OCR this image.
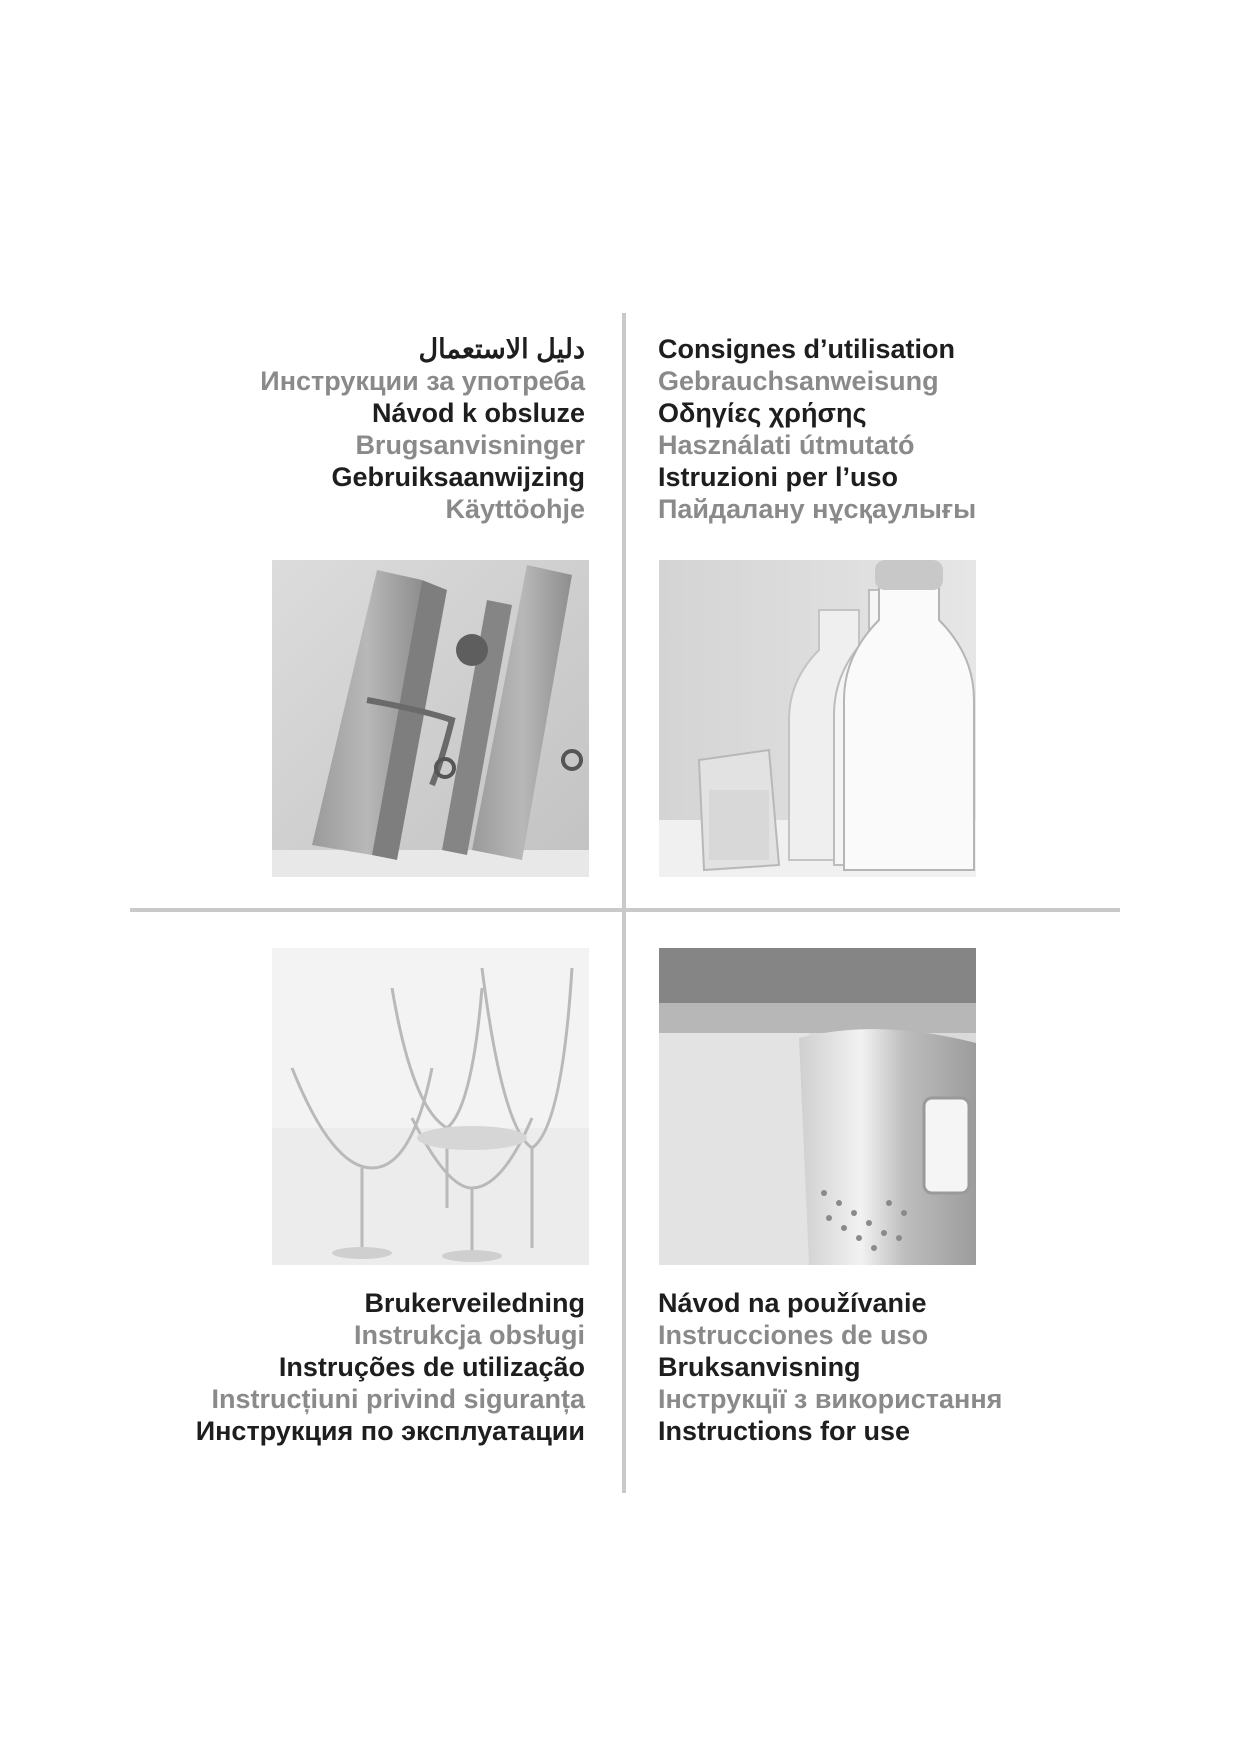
دليل الاستعمال
Инструкции за употреба
Návod k obsluze
Brugsanvisninger
Gebruiksaanwijzing
Käyttöohje
Consignes d’utilisation
Gebrauchsanweisung
Οδηγίες χρήσης
Használati útmutató
Istruzioni per l’uso
Пайдалану нұсқаулығы
Brukerveiledning
Instrukcja obsługi
Instruções de utilização
Instrucțiuni privind siguranța
Инструкция по эксплуатации
Návod na používanie
Instrucciones de uso
Bruksanvisning
Інструкції з використання
Instructions for use
